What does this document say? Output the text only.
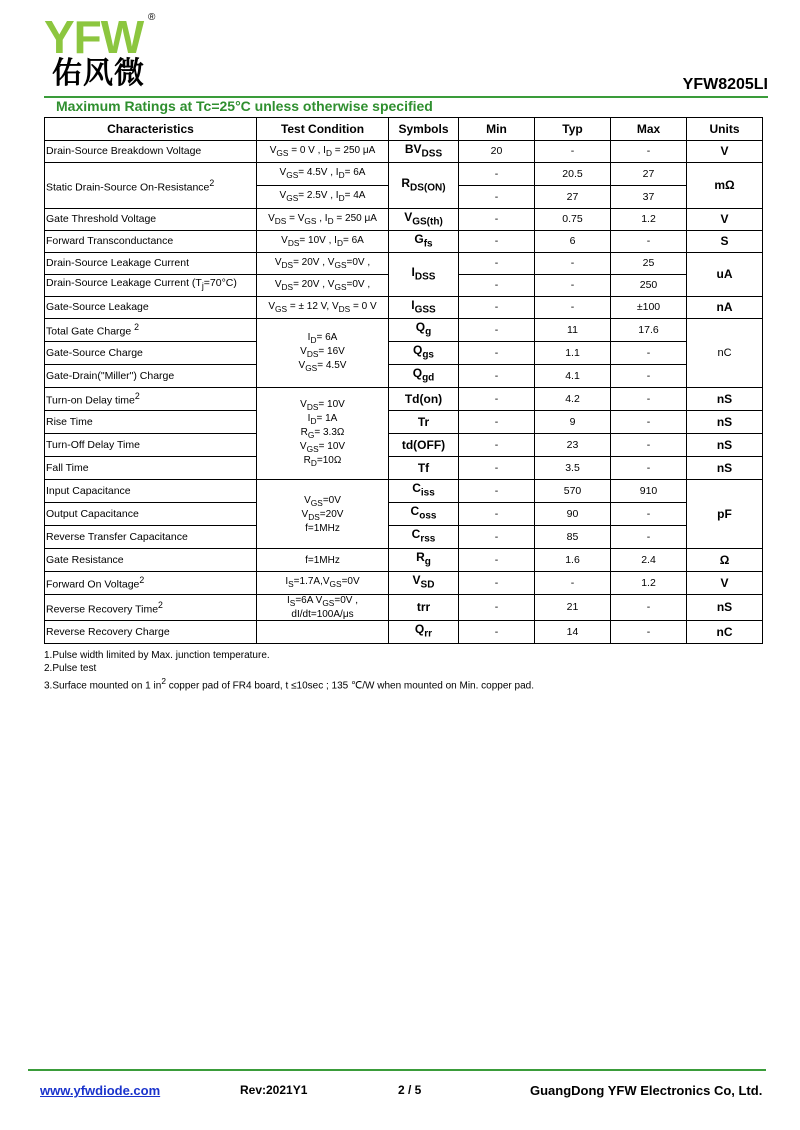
YFW
佑风微
®
YFW8205LI
Maximum Ratings at Tc=25°C unless otherwise specified
Characteristics	Test Condition	Symbols	Min	Typ	Max	Units
Drain-Source Breakdown Voltage	$V_{GS} = 0$ V , $I_D = 250$ μA	$BV_{DSS}$	20	-	-	V
Static Drain-Source On-Resistance$^2$	$V_{GS}= 4.5V$ , $I_D= 6A$	$R_{DS(ON)}$	-	20.5	27	mΩ
	$V_{GS}= 2.5V$ , $I_D= 4A$		-	27	37	
Gate Threshold Voltage	$V_{DS} = V_{GS}$ , $I_D = 250$ μA	$V_{GS(th)}$	-	0.75	1.2	V
Forward Transconductance	$V_{DS}= 10V$ , $I_D= 6A$	$G_{fs}$	-	6	-	S
Drain-Source Leakage Current	$V_{DS}= 20V$ , $V_{GS}=0V$ ,	$I_{DSS}$	-	-	25	uA
Drain-Source Leakage Current $(T_j=70^\circ C)$	$V_{DS}= 20V$ , $V_{GS}=0V$ ,		-	-	250	
Gate-Source Leakage	$V_{GS}$ = ± 12 V, $V_{DS} = 0$ V	$I_{GSS}$	-	-	±100	nA
Total Gate Charge $^2$	$I_D= 6A$
$V_{DS}= 16V$
$V_{GS}= 4.5V$	$Q_g$	-	11	17.6	nC
Gate-Source Charge		$Q_{gs}$	-	1.1	-	
Gate-Drain("Miller") Charge		$Q_{gd}$	-	4.1	-	
Turn-on Delay time$^2$	$V_{DS}= 10V$
$I_D= 1A$
$R_G= 3.3\Omega$
$V_{GS}= 10V$
$R_D=10\Omega$	Td(on)	-	4.2	-	nS
Rise Time		Tr	-	9	-	nS
Turn-Off Delay Time		td(OFF)	-	23	-	nS
Fall Time		Tf	-	3.5	-	nS
Input Capacitance	$V_{GS}=0V$
$V_{DS}=20V$
f=1MHz	$C_{iss}$	-	570	910	pF
Output Capacitance		$C_{oss}$	-	90	-	
Reverse Transfer Capacitance		$C_{rss}$	-	85	-	
Gate Resistance	f=1MHz	$R_g$	-	1.6	2.4	Ω
Forward On Voltage$^2$	$I_S=1.7A,V_{GS}=0V$	$V_{SD}$	-	-	1.2	V
Reverse Recovery Time$^2$	$I_S=6A$ $V_{GS}=0V$ ,
dI/dt=100A/μs	trr	-	21	-	nS
Reverse Recovery Charge		$Q_{rr}$	-	14	-	nC
1.Pulse width limited by Max. junction temperature.
2.Pulse test
3.Surface mounted on 1 $in^2$ copper pad of FR4 board, t ≤10sec ; 135 ℃/W when mounted on Min. copper pad.
www.yfwdiode.com	Rev:2021Y1	2 / 5	GuangDong YFW Electronics Co, Ltd.
